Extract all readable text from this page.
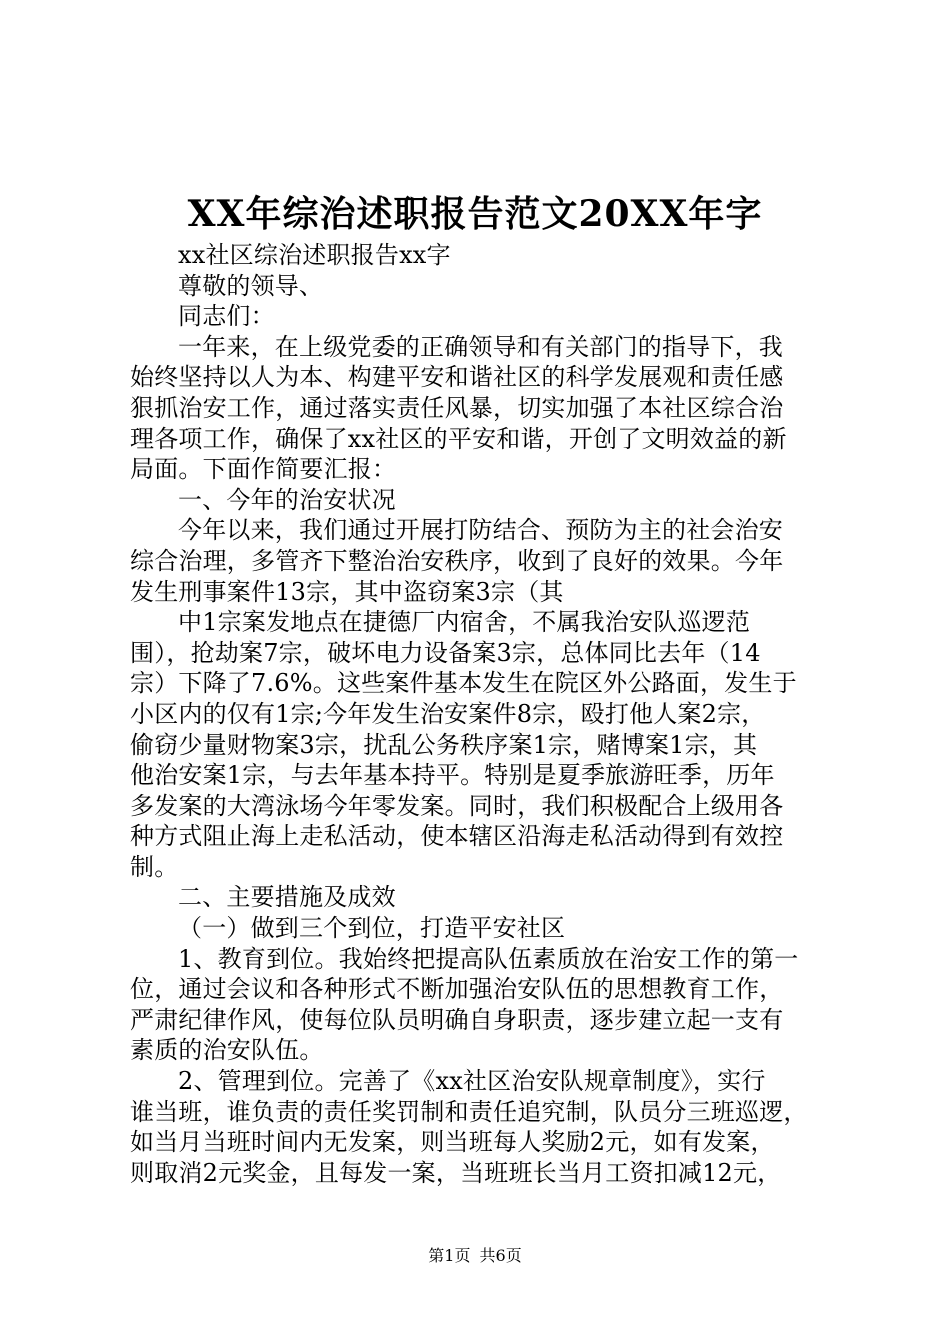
XX年综治述职报告范文20XX年字
xx社区综治述职报告xx字
尊敬的领导、
同志们：
一年来，在上级党委的正确领导和有关部门的指导下，我
始终坚持以人为本、构建平安和谐社区的科学发展观和责任感
狠抓治安工作，通过落实责任风暴，切实加强了本社区综合治
理各项工作，确保了xx社区的平安和谐，开创了文明效益的新
局面。下面作简要汇报：
一、今年的治安状况
今年以来，我们通过开展打防结合、预防为主的社会治安
综合治理，多管齐下整治治安秩序，收到了良好的效果。今年
发生刑事案件13宗，其中盗窃案3宗（其
中1宗案发地点在捷德厂内宿舍，不属我治安队巡逻范
围），抢劫案7宗，破坏电力设备案3宗，总体同比去年（14
宗）下降了7.6%。这些案件基本发生在院区外公路面，发生于
小区内的仅有1宗;今年发生治安案件8宗，殴打他人案2宗，
偷窃少量财物案3宗，扰乱公务秩序案1宗，赌博案1宗，其
他治安案1宗，与去年基本持平。特别是夏季旅游旺季，历年
多发案的大湾泳场今年零发案。同时，我们积极配合上级用各
种方式阻止海上走私活动，使本辖区沿海走私活动得到有效控
制。
二、主要措施及成效
（一）做到三个到位，打造平安社区
1、教育到位。我始终把提高队伍素质放在治安工作的第一
位，通过会议和各种形式不断加强治安队伍的思想教育工作，
严肃纪律作风，使每位队员明确自身职责，逐步建立起一支有
素质的治安队伍。
2、管理到位。完善了《xx社区治安队规章制度》，实行
谁当班，谁负责的责任奖罚制和责任追究制，队员分三班巡逻，
如当月当班时间内无发案，则当班每人奖励2元，如有发案，
则取消2元奖金，且每发一案，当班班长当月工资扣减12元，
第1页 共6页
